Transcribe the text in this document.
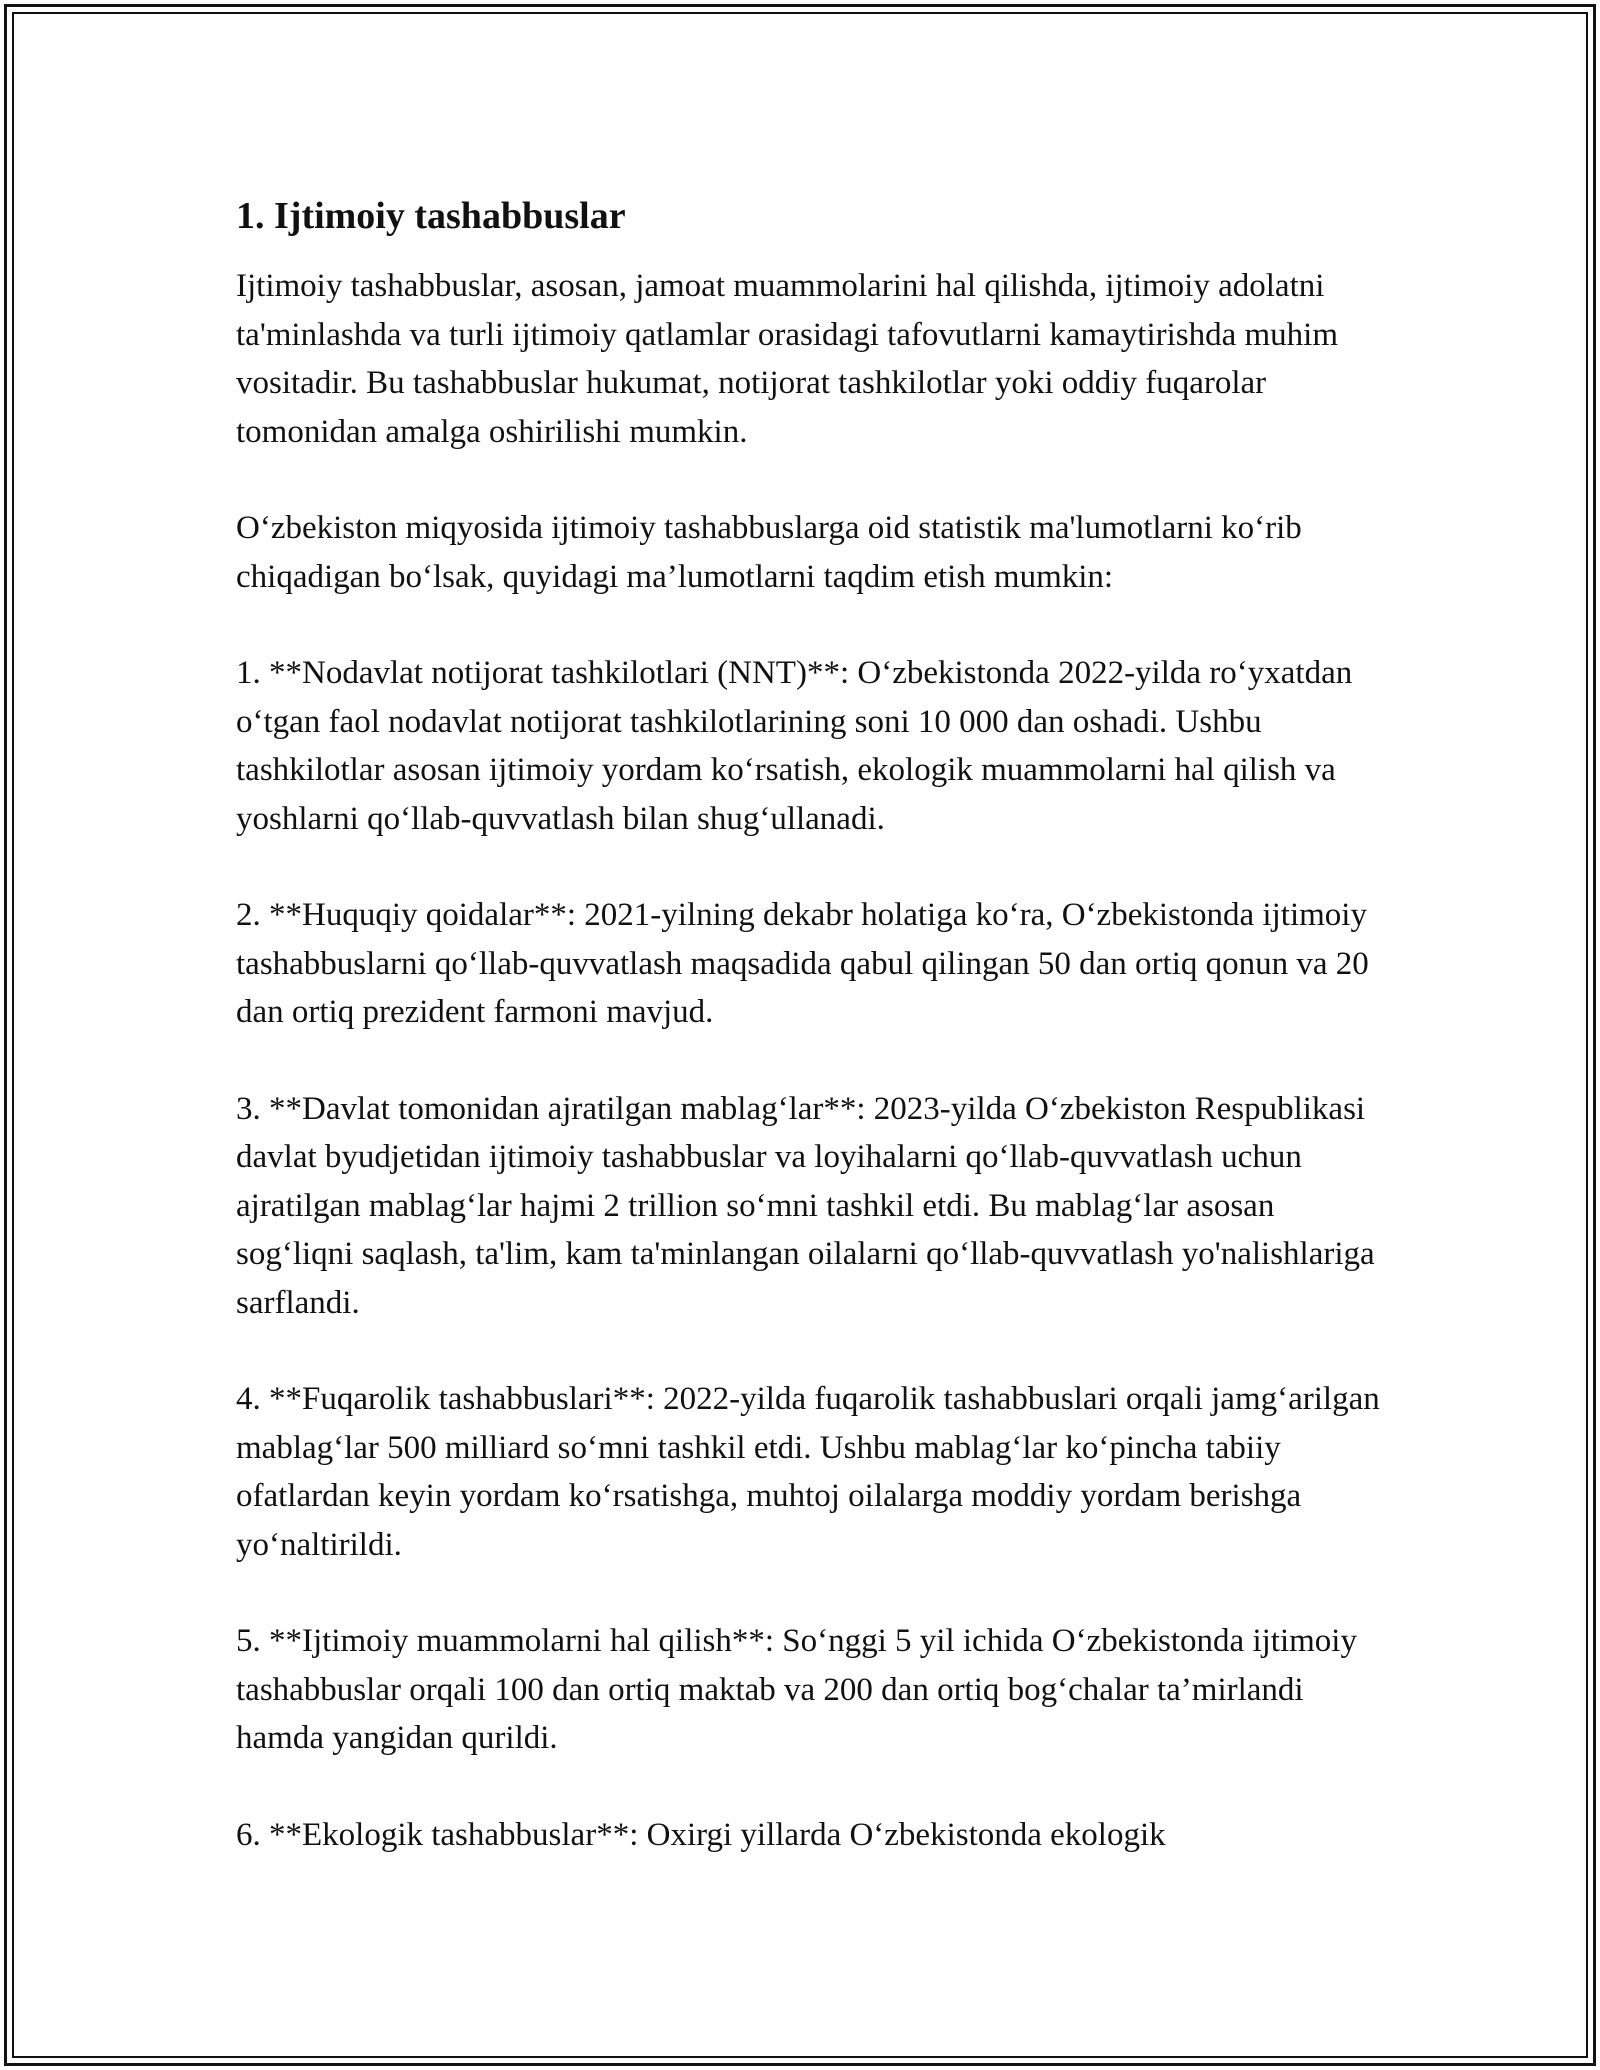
1. Ijtimoiy tashabbuslar

Ijtimoiy tashabbuslar, asosan, jamoat muammolarini hal qilishda, ijtimoiy adolatni ta'minlashda va turli ijtimoiy qatlamlar orasidagi tafovutlarni kamaytirishda muhim vositadir. Bu tashabbuslar hukumat, notijorat tashkilotlar yoki oddiy fuqarolar tomonidan amalga oshirilishi mumkin.

O‘zbekiston miqyosida ijtimoiy tashabbuslarga oid statistik ma'lumotlarni ko‘rib chiqadigan bo‘lsak, quyidagi ma’lumotlarni taqdim etish mumkin:

1. **Nodavlat notijorat tashkilotlari (NNT)**: O‘zbekistonda 2022-yilda ro‘yxatdan o‘tgan faol nodavlat notijorat tashkilotlarining soni 10 000 dan oshadi. Ushbu tashkilotlar asosan ijtimoiy yordam ko‘rsatish, ekologik muammolarni hal qilish va yoshlarni qo‘llab-quvvatlash bilan shug‘ullanadi.

2. **Huquqiy qoidalar**: 2021-yilning dekabr holatiga ko‘ra, O‘zbekistonda ijtimoiy tashabbuslarni qo‘llab-quvvatlash maqsadida qabul qilingan 50 dan ortiq qonun va 20 dan ortiq prezident farmoni mavjud.

3. **Davlat tomonidan ajratilgan mablag‘lar**: 2023-yilda O‘zbekiston Respublikasi davlat byudjetidan ijtimoiy tashabbuslar va loyihalarni qo‘llab-quvvatlash uchun ajratilgan mablag‘lar hajmi 2 trillion so‘mni tashkil etdi. Bu mablag‘lar asosan sog‘liqni saqlash, ta'lim, kam ta'minlangan oilalarni qo‘llab-quvvatlash yo'nalishlariga sarflandi.

4. **Fuqarolik tashabbuslari**: 2022-yilda fuqarolik tashabbuslari orqali jamg‘arilgan mablag‘lar 500 milliard so‘mni tashkil etdi. Ushbu mablag‘lar ko‘pincha tabiiy ofatlardan keyin yordam ko‘rsatishga, muhtoj oilalarga moddiy yordam berishga yo‘naltirildi.

5. **Ijtimoiy muammolarni hal qilish**: So‘nggi 5 yil ichida O‘zbekistonda ijtimoiy tashabbuslar orqali 100 dan ortiq maktab va 200 dan ortiq bog‘chalar ta’mirlandi hamda yangidan qurildi.

6. **Ekologik tashabbuslar**: Oxirgi yillarda O‘zbekistonda ekologik
